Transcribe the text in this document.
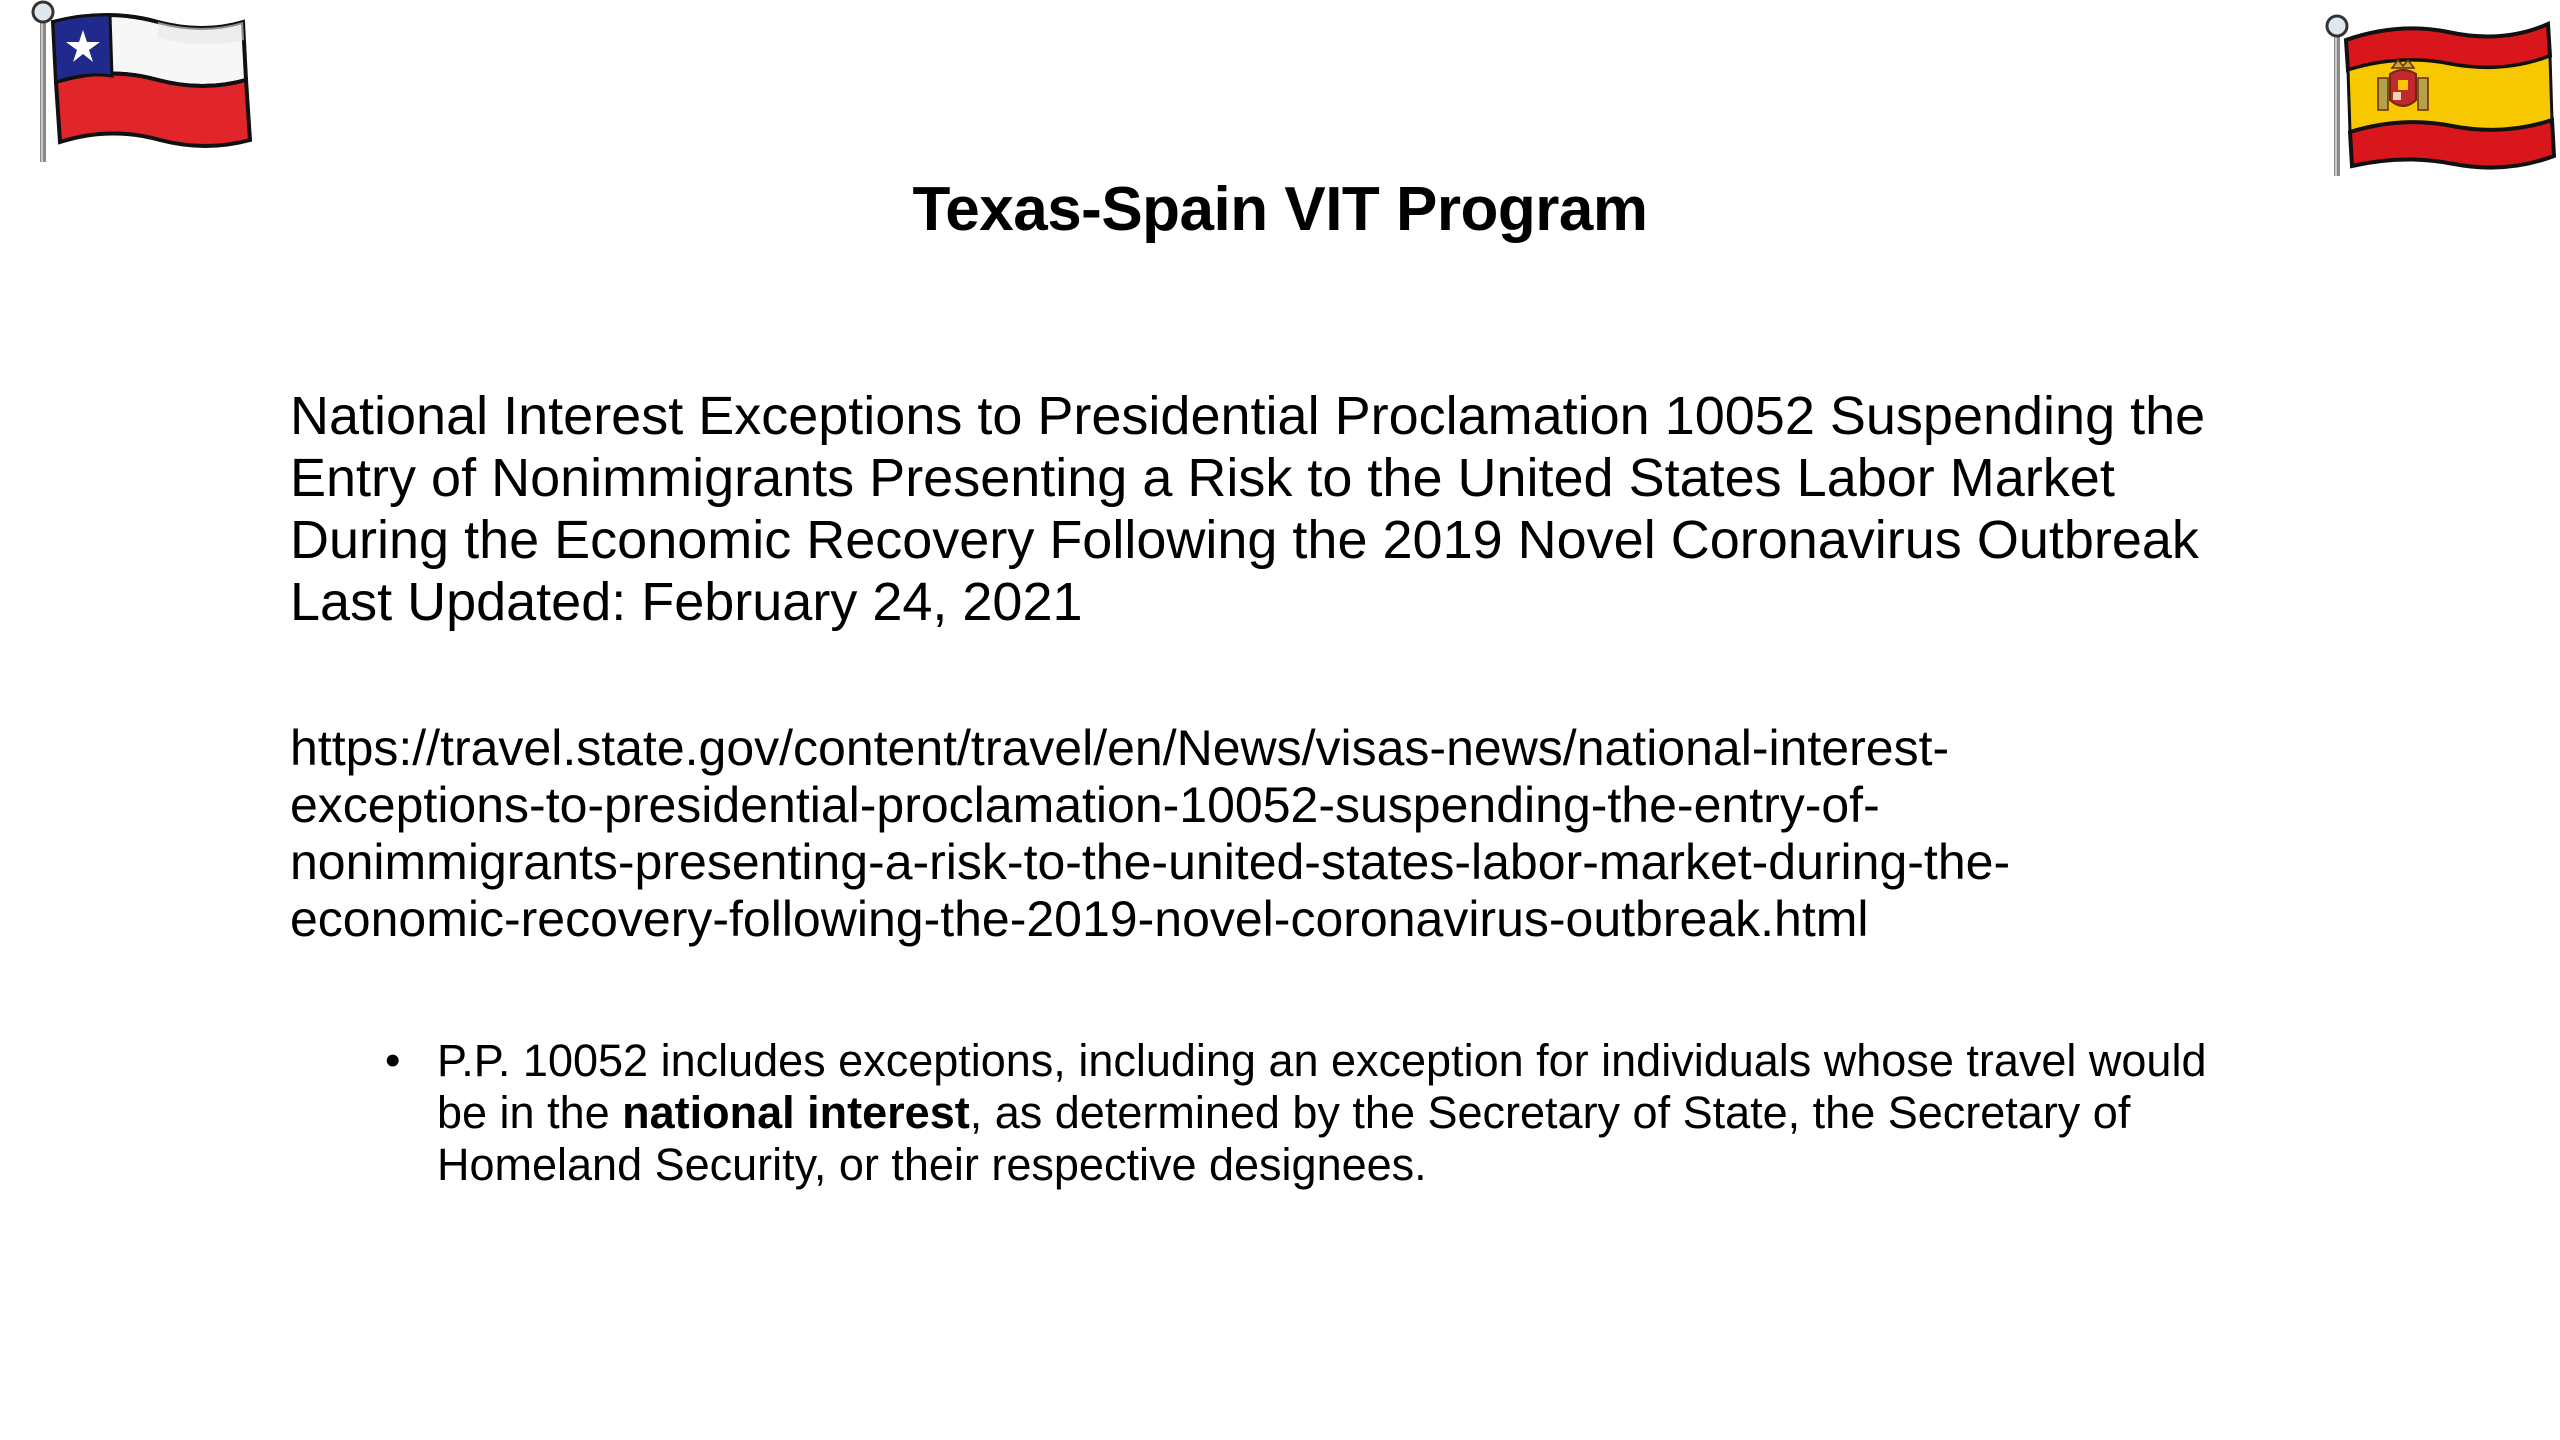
Texas-Spain VIT Program
National Interest Exceptions to Presidential Proclamation 10052 Suspending the
Entry of Nonimmigrants Presenting a Risk to the United States Labor Market
During the Economic Recovery Following the 2019 Novel Coronavirus Outbreak
Last Updated: February 24, 2021
https://travel.state.gov/content/travel/en/News/visas-news/national-interest-
exceptions-to-presidential-proclamation-10052-suspending-the-entry-of-
nonimmigrants-presenting-a-risk-to-the-united-states-labor-market-during-the-
economic-recovery-following-the-2019-novel-coronavirus-outbreak.html
• P.P. 10052 includes exceptions, including an exception for individuals whose travel would
be in the national interest, as determined by the Secretary of State, the Secretary of
Homeland Security, or their respective designees.
